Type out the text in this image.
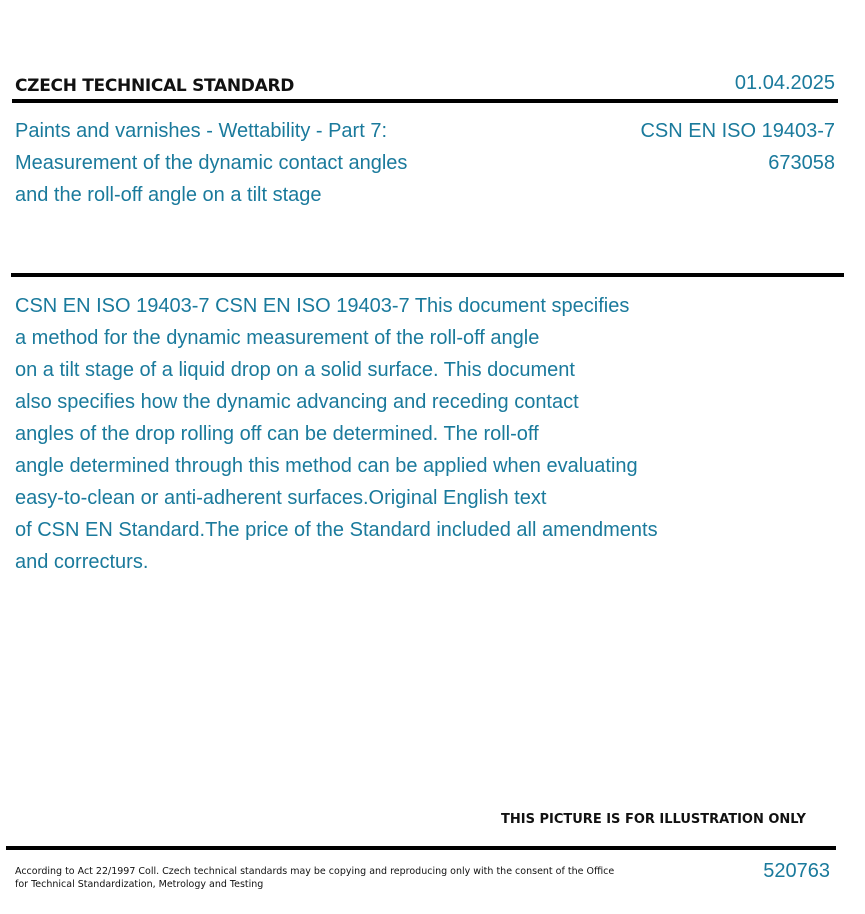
CZECH TECHNICAL STANDARD	01.04.2025
Paints and varnishes - Wettability - Part 7:
Measurement of the dynamic contact angles
and the roll-off angle on a tilt stage
CSN EN ISO 19403-7
673058
CSN EN ISO 19403-7 CSN EN ISO 19403-7 This document specifies
a method for the dynamic measurement of the roll-off angle
on a tilt stage of a liquid drop on a solid surface. This document
also specifies how the dynamic advancing and receding contact
angles of the drop rolling off can be determined. The roll-off
angle determined through this method can be applied when evaluating
easy-to-clean or anti-adherent surfaces.Original English text
of CSN EN Standard.The price of the Standard included all amendments
and correcturs.
THIS PICTURE IS FOR ILLUSTRATION ONLY
According to Act 22/1997 Coll. Czech technical standards may be copying and reproducing only with the consent of the Office
for Technical Standardization, Metrology and Testing
520763
